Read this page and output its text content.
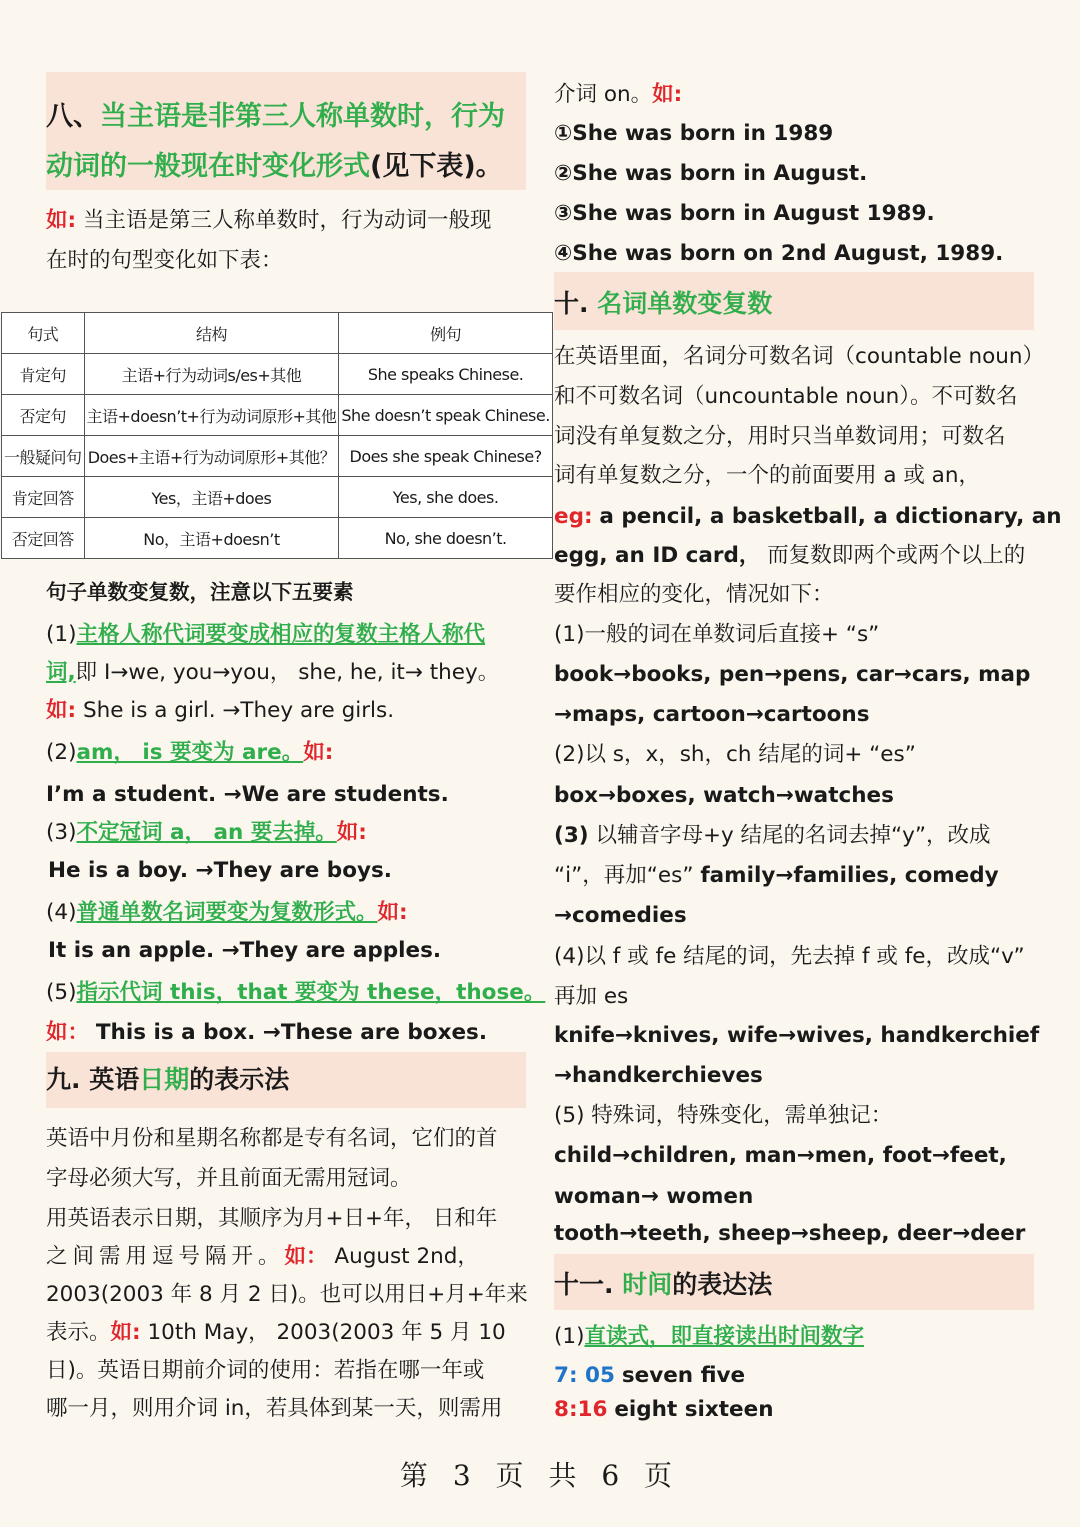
八、当主语是非第三人称单数时，行为
动词的一般现在时变化形式(见下表)。
如: 当主语是第三人称单数时，行为动词一般现
在时的句型变化如下表：
句式	结构	例句
肯定句	主语+行为动词s/es+其他	She speaks Chinese.
否定句	主语+doesn’t+行为动词原形+其他	She doesn’t speak Chinese.
一般疑问句	Does+主语+行为动词原形+其他？	Does she speak Chinese?
肯定回答	Yes，主语+does	Yes, she does.
否定回答	No，主语+doesn’t	No, she doesn’t.
句子单数变复数，注意以下五要素
(1)主格人称代词要变成相应的复数主格人称代
词,即 I→we, you→you， she, he, it→ they。
如: She is a girl. →They are girls.
(2)am， is 要变为 are。如:
I’m a student. →We are students.
(3)不定冠词 a， an 要去掉。如:
He is a boy. →They are boys.
(4)普通单数名词要变为复数形式。如:
It is an apple. →They are apples.
(5)指示代词 this，that 要变为 these，those。
如： This is a box. →These are boxes.
九. 英语日期的表示法
英语中月份和星期名称都是专有名词，它们的首
字母必须大写，并且前面无需用冠词。
用英语表示日期，其顺序为月+日+年， 日和年
之间需用逗号隔开。如： August 2nd，
2003(2003 年 8 月 2 日)。也可以用日+月+年来
表示。如: 10th May， 2003(2003 年 5 月 10
日)。英语日期前介词的使用：若指在哪一年或
哪一月，则用介词 in，若具体到某一天，则需用
介词 on。如:
①She was born in 1989
②She was born in August.
③She was born in August 1989.
④She was born on 2nd August, 1989.
十. 名词单数变复数
在英语里面，名词分可数名词（countable noun）
和不可数名词（uncountable noun）。不可数名
词没有单复数之分，用时只当单数词用；可数名
词有单复数之分，一个的前面要用 a 或 an，
eg: a pencil, a basketball, a dictionary, an
egg, an ID card， 而复数即两个或两个以上的
要作相应的变化，情况如下：
(1)一般的词在单数词后直接+ “s”
book→books, pen→pens, car→cars, map
→maps, cartoon→cartoons
(2)以 s，x，sh，ch 结尾的词+ “es”
box→boxes, watch→watches
(3) 以辅音字母+y 结尾的名词去掉“y”，改成
“i”，再加“es” family→families, comedy
→comedies
(4)以 f 或 fe 结尾的词，先去掉 f 或 fe，改成“v”
再加 es
knife→knives, wife→wives, handkerchief
→handkerchieves
(5) 特殊词，特殊变化，需单独记：
child→children, man→men, foot→feet,
woman→ women
tooth→teeth, sheep→sheep, deer→deer
十一. 时间的表达法
(1)直读式，即直接读出时间数字
7: 05 seven five
8:16 eight sixteen
第 3 页 共 6 页
